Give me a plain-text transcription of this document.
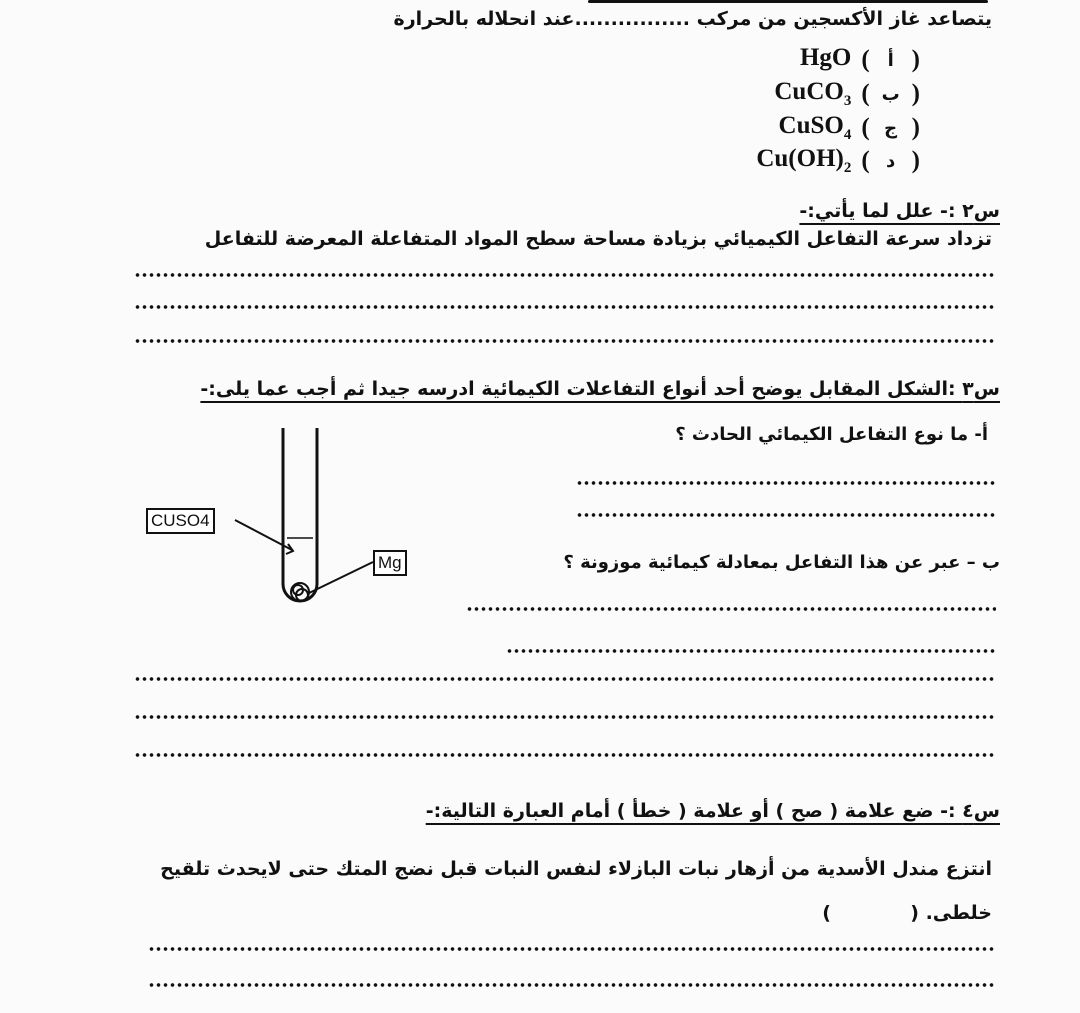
يتصاعد غاز الأكسجين من مركب ................عند انحلاله بالحرارة
HgO ( أ )
CuCO$_3$ ( ب )
CuSO$_4$ ( ج )
$Cu(OH)_2$ ( د )
س٢ :- علل لما يأتي:-
تزداد سرعة التفاعل الكيميائي بزيادة مساحة سطح المواد المتفاعلة المعرضة للتفاعل
س٣ :الشكل المقابل يوضح أحد أنواع التفاعلات الكيمائية ادرسه جيدا ثم أجب عما يلى:-
أ- ما نوع التفاعل الكيمائي الحادث ؟
ب – عبر عن هذا التفاعل بمعادلة كيمائية موزونة ؟
CUSO4
Mg
س٤ :- ضع علامة ( صح ) أو علامة ( خطأ ) أمام العبارة التالية:-
انتزع مندل الأسدية من أزهار نبات البازلاء لنفس النبات قبل نضج المتك حتى لايحدث تلقيح
خلطى. (            )
